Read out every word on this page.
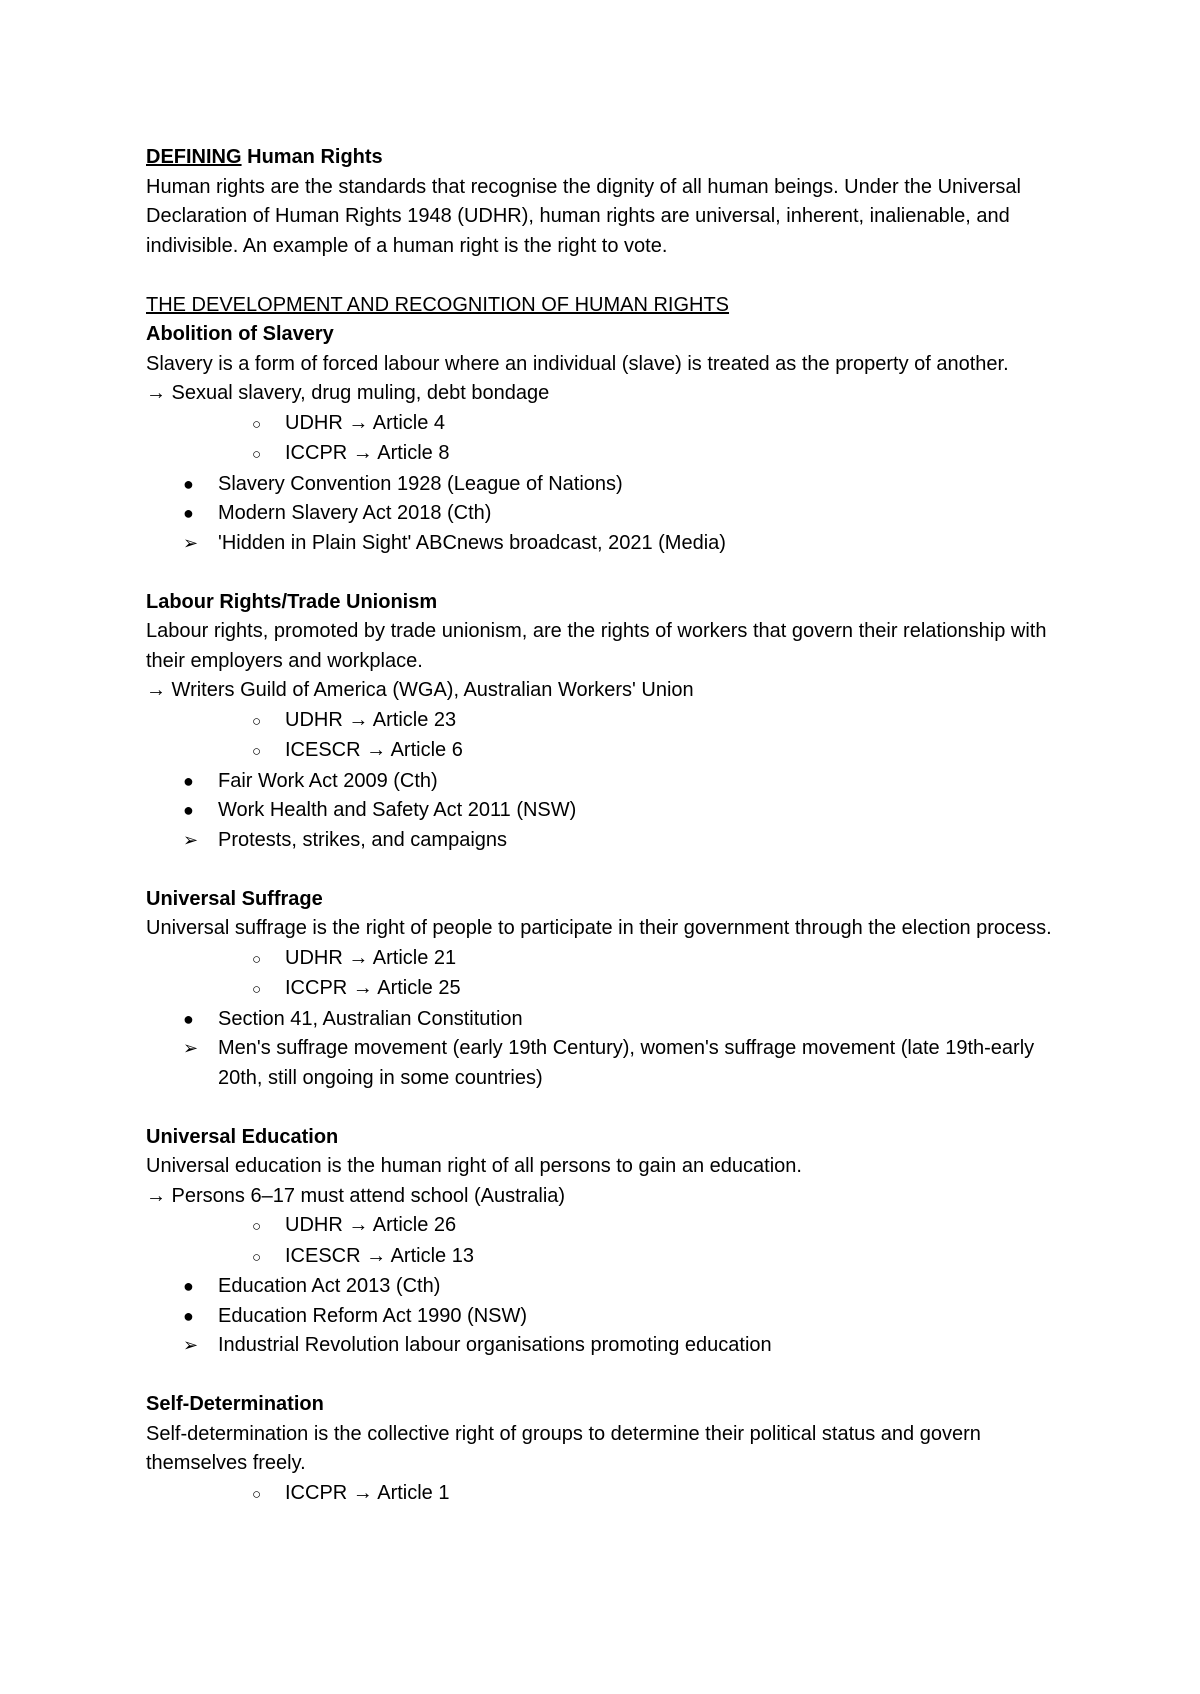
DEFINING Human Rights
Human rights are the standards that recognise the dignity of all human beings. Under the Universal Declaration of Human Rights 1948 (UDHR), human rights are universal, inherent, inalienable, and indivisible. An example of a human right is the right to vote.
THE DEVELOPMENT AND RECOGNITION OF HUMAN RIGHTS
Abolition of Slavery
Slavery is a form of forced labour where an individual (slave) is treated as the property of another.
→ Sexual slavery, drug muling, debt bondage
○	UDHR → Article 4
○	ICCPR → Article 8
●	Slavery Convention 1928 (League of Nations)
●	Modern Slavery Act 2018 (Cth)
➢ 'Hidden in Plain Sight' ABCnews broadcast, 2021 (Media)
Labour Rights/Trade Unionism
Labour rights, promoted by trade unionism, are the rights of workers that govern their relationship with their employers and workplace.
→ Writers Guild of America (WGA), Australian Workers' Union
○	UDHR → Article 23
○	ICESCR → Article 6
●	Fair Work Act 2009 (Cth)
●	Work Health and Safety Act 2011 (NSW)
➢ Protests, strikes, and campaigns
Universal Suffrage
Universal suffrage is the right of people to participate in their government through the election process.
○	UDHR → Article 21
○	ICCPR → Article 25
●	Section 41, Australian Constitution
➢ Men's suffrage movement (early 19th Century), women's suffrage movement (late 19th-early 20th, still ongoing in some countries)
Universal Education
Universal education is the human right of all persons to gain an education.
→ Persons 6–17 must attend school (Australia)
○	UDHR → Article 26
○	ICESCR → Article 13
●	Education Act 2013 (Cth)
●	Education Reform Act 1990 (NSW)
➢ Industrial Revolution labour organisations promoting education
Self-Determination
Self-determination is the collective right of groups to determine their political status and govern themselves freely.
○	ICCPR → Article 1
